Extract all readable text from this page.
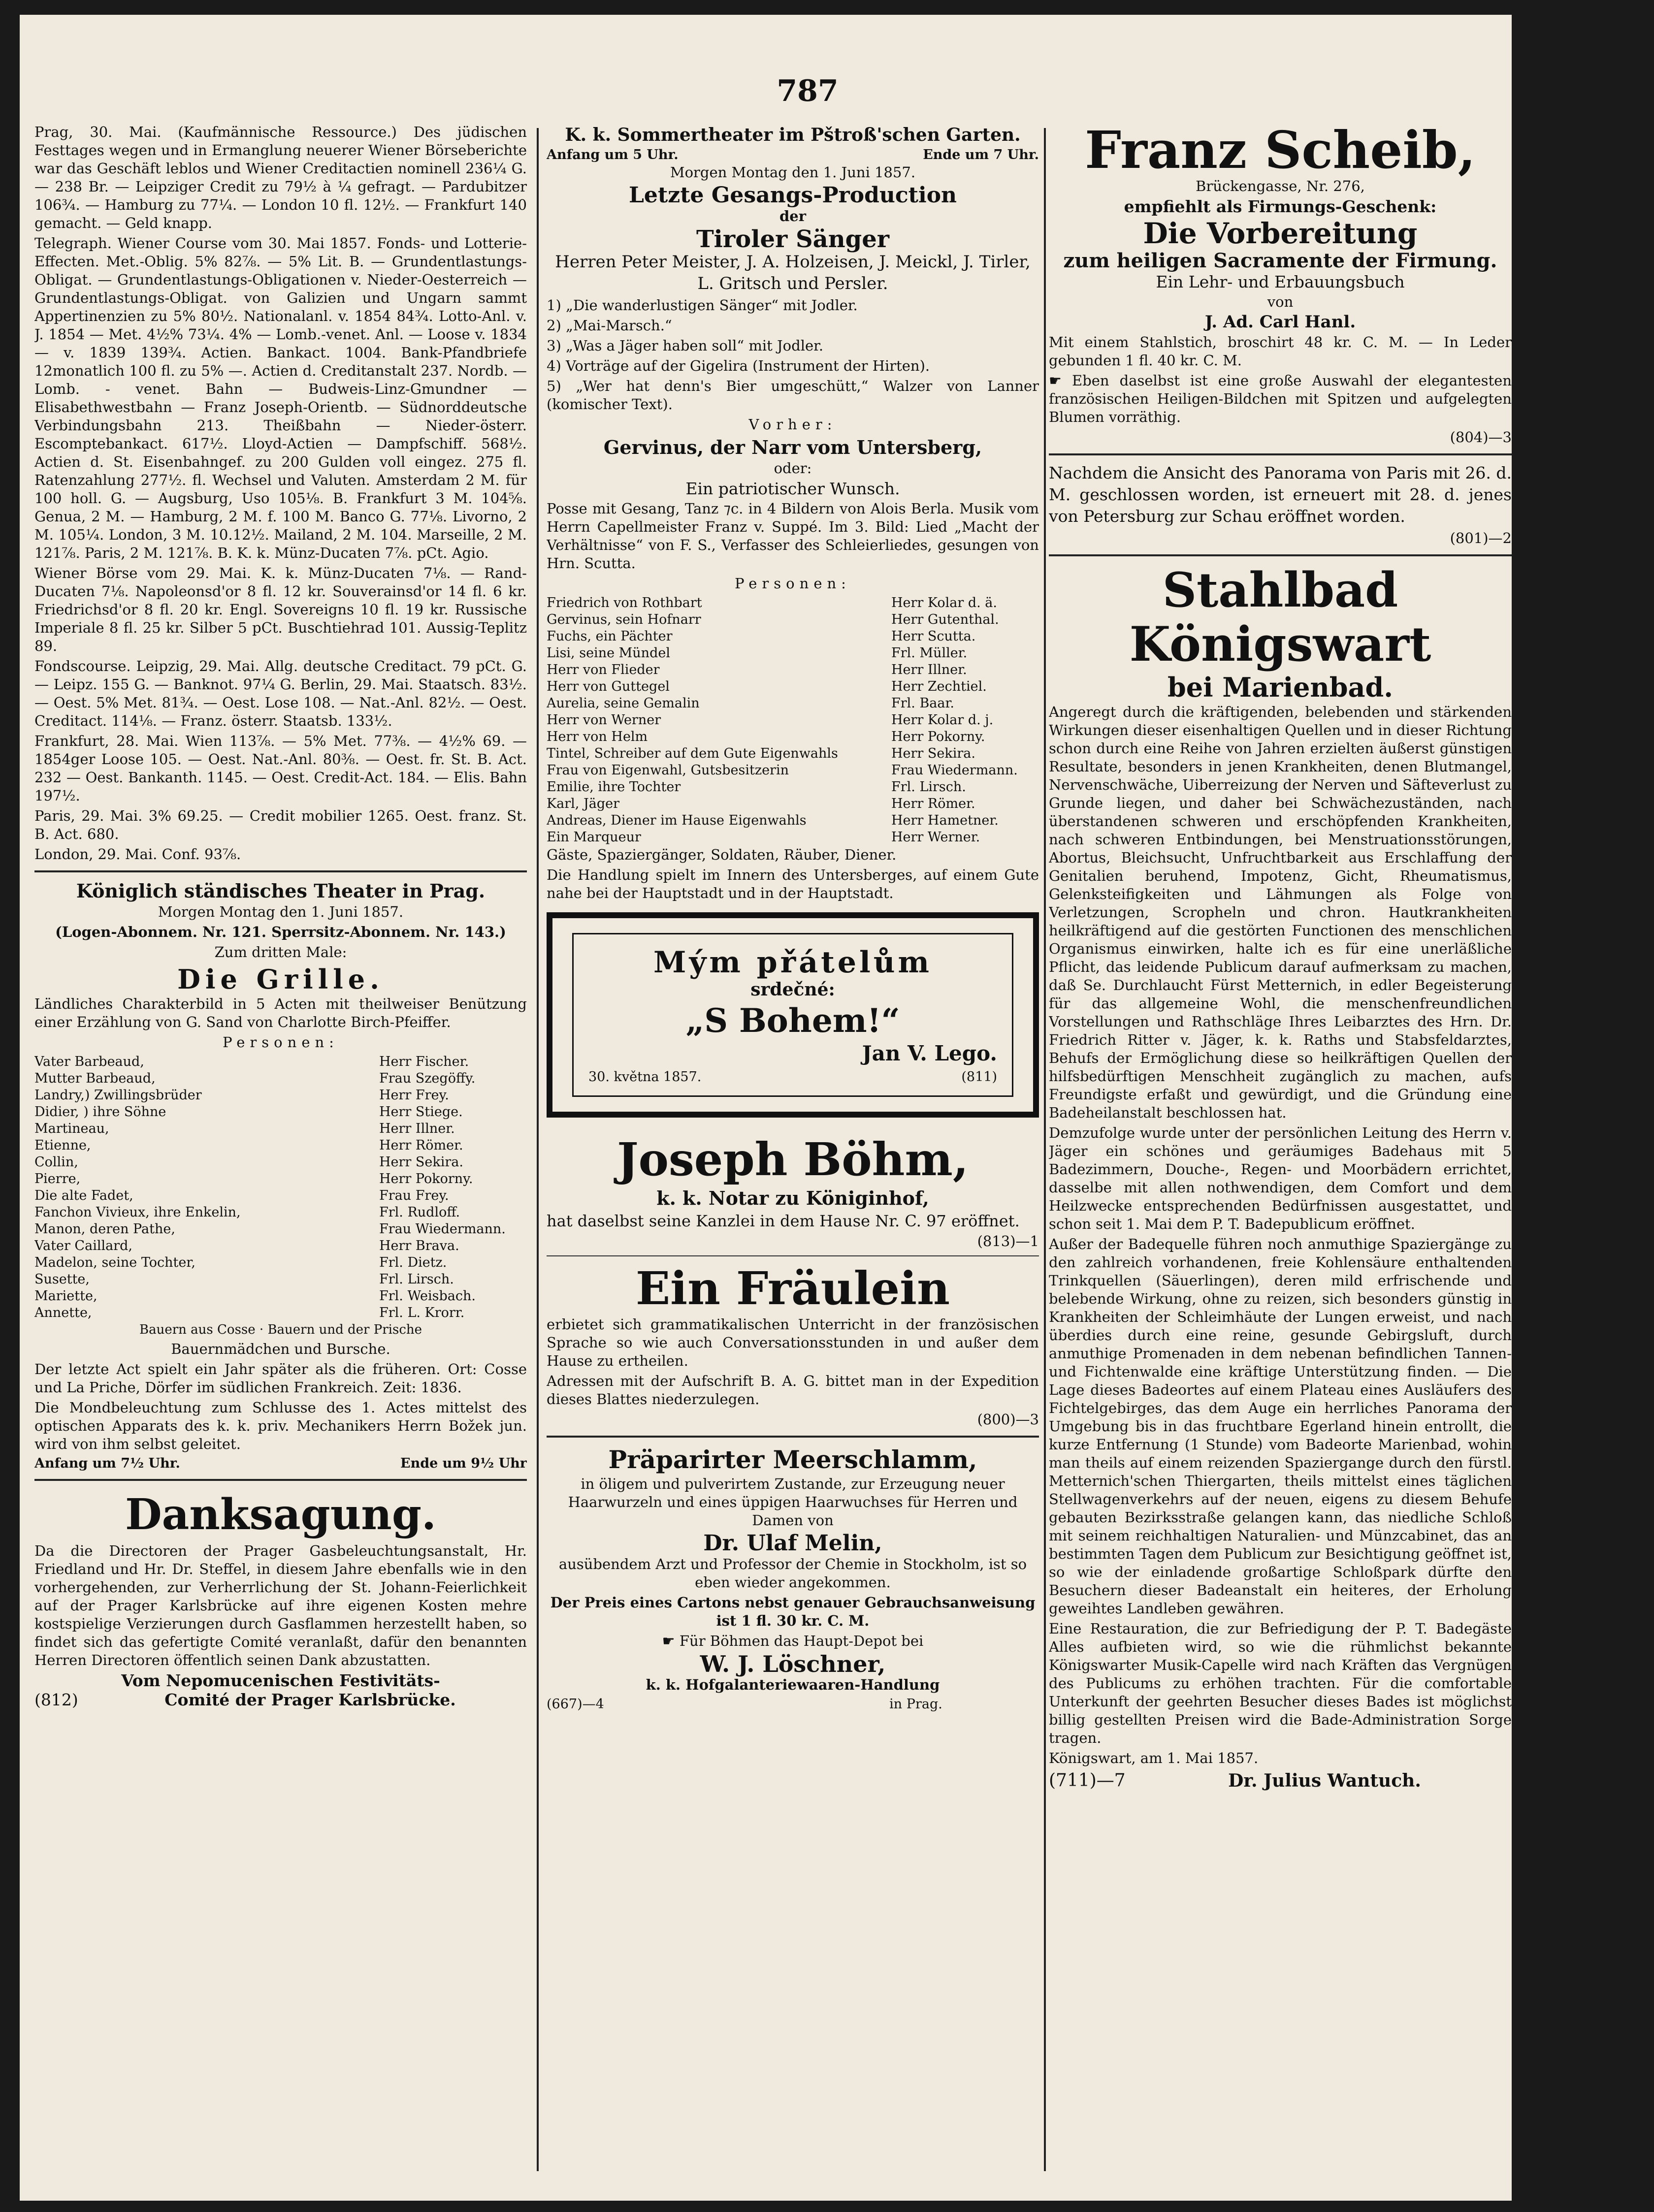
787

Prag, 30. Mai. (Kaufmännische Ressource.) Des jüdischen Festtages wegen und in Ermanglung neuerer Wiener Börseberichte war das Geschäft leblos und Wiener Creditactien nominell 236¼ G. — 238 Br. — Leipziger Credit zu 79½ à ¼ gefragt. — Pardubitzer 106¾. — Hamburg zu 77¼. — London 10 fl. 12½. — Frankfurt 140 gemacht. — Geld knapp.

Telegraph. Wiener Course vom 30. Mai 1857. Fonds- und Lotterie-Effecten. Met.-Oblig. 5% 82⅞. — 5% Lit. B. — Grundentlastungs-Obligat. — Grundentlastungs-Obligationen v. Nieder-Oesterreich — Grundentlastungs-Obligat. von Galizien und Ungarn sammt Appertinenzien zu 5% 80½. Nationalanl. v. 1854 84¾. Lotto-Anl. v. J. 1854 — Met. 4½% 73¼. 4% — Lomb.-venet. Anl. — Loose v. 1834 — v. 1839 139¾. Actien. Bankact. 1004. Bank-Pfandbriefe 12monatlich 100 fl. zu 5% —. Actien d. Creditanstalt 237. Nordb. — Lomb. - venet. Bahn — Budweis-Linz-Gmundner — Elisabethwestbahn — Franz Joseph-Orientb. — Südnorddeutsche Verbindungsbahn 213. Theißbahn — Nieder-österr. Escomptebankact. 617½. Lloyd-Actien — Dampfschiff. 568½. Actien d. St. Eisenbahngef. zu 200 Gulden voll eingez. 275 fl. Ratenzahlung 277½. fl. Wechsel und Valuten. Amsterdam 2 M. für 100 holl. G. — Augsburg, Uso 105⅛. B. Frankfurt 3 M. 104⅝. Genua, 2 M. — Hamburg, 2 M. f. 100 M. Banco G. 77⅛. Livorno, 2 M. 105¼. London, 3 M. 10.12½. Mailand, 2 M. 104. Marseille, 2 M. 121⅞. Paris, 2 M. 121⅞. B. K. k. Münz-Ducaten 7⅞. pCt. Agio.

Wiener Börse vom 29. Mai. K. k. Münz-Ducaten 7⅛. — Rand-Ducaten 7⅛. Napoleonsd'or 8 fl. 12 kr. Souverainsd'or 14 fl. 6 kr. Friedrichsd'or 8 fl. 20 kr. Engl. Sovereigns 10 fl. 19 kr. Russische Imperiale 8 fl. 25 kr. Silber 5 pCt. Buschtiehrad 101. Aussig-Teplitz 89.

Fondscourse. Leipzig, 29. Mai. Allg. deutsche Creditact. 79 pCt. G. — Leipz. 155 G. — Banknot. 97¼ G. Berlin, 29. Mai. Staatsch. 83½. — Oest. 5% Met. 81¾. — Oest. Lose 108. — Nat.-Anl. 82½. — Oest. Creditact. 114⅛. — Franz. österr. Staatsb. 133½.

Frankfurt, 28. Mai. Wien 113⅞. — 5% Met. 77⅜. — 4½% 69. — 1854ger Loose 105. — Oest. Nat.-Anl. 80⅜. — Oest. fr. St. B. Act. 232 — Oest. Bankanth. 1145. — Oest. Credit-Act. 184. — Elis. Bahn 197½.

Paris, 29. Mai. 3% 69.25. — Credit mobilier 1265. Oest. franz. St. B. Act. 680.

London, 29. Mai. Conf. 93⅞.

Königlich ständisches Theater in Prag.

Morgen Montag den 1. Juni 1857.

(Logen-Abonnem. Nr. 121. Sperrsitz-Abonnem. Nr. 143.)

Zum dritten Male:

Die Grille.

Ländliches Charakterbild in 5 Acten mit theilweiser Benützung einer Erzählung von G. Sand von Charlotte Birch-Pfeiffer.

Personen:

Vater Barbeaud,	Herr Fischer.
Mutter Barbeaud,	Frau Szegöffy.
Landry,) Zwillingsbrüder	Herr Frey.
Didier, ) ihre Söhne	Herr Stiege.
Martineau,	Herr Illner.
Etienne,	Herr Römer.
Collin,	Herr Sekira.
Pierre,	Herr Pokorny.
Die alte Fadet,	Frau Frey.
Fanchon Vivieux, ihre Enkelin,	Frl. Rudloff.
Manon, deren Pathe,	Frau Wiedermann.
Vater Caillard,	Herr Brava.
Madelon, seine Tochter,	Frl. Dietz.
Susette,	Frl. Lirsch.
Mariette,	Frl. Weisbach.
Annette,	Frl. L. Krorr.

Bauern aus Cosse · Bauern und der Prische

Bauernmädchen und Bursche.

Der letzte Act spielt ein Jahr später als die früheren. Ort: Cosse und La Priche, Dörfer im südlichen Frankreich. Zeit: 1836.

Die Mondbeleuchtung zum Schlusse des 1. Actes mittelst des optischen Apparats des k. k. priv. Mechanikers Herrn Božek jun. wird von ihm selbst geleitet.

Anfang um 7½ Uhr.	Ende um 9½ Uhr
Danksagung.

Da die Directoren der Prager Gasbeleuchtungsanstalt, Hr. Friedland und Hr. Dr. Steffel, in diesem Jahre ebenfalls wie in den vorhergehenden, zur Verherrlichung der St. Johann-Feierlichkeit auf der Prager Karlsbrücke auf ihre eigenen Kosten mehre kostspielige Verzierungen durch Gasflammen herzestellt haben, so findet sich das gefertigte Comité veranlaßt, dafür den benannten Herren Directoren öffentlich seinen Dank abzustatten.

Vom Nepomucenischen Festivitäts-

(812)	Comité der Prager Karlsbrücke.
K. k. Sommertheater im Pštroß'schen Garten.
Anfang um 5 Uhr.	Ende um 7 Uhr.

Morgen Montag den 1. Juni 1857.

Letzte Gesangs-Production

der

Tiroler Sänger

Herren Peter Meister, J. A. Holzeisen, J. Meickl, J. Tirler, L. Gritsch und Persler.

1) „Die wanderlustigen Sänger“ mit Jodler.

2) „Mai-Marsch.“

3) „Was a Jäger haben soll“ mit Jodler.

4) Vorträge auf der Gigelira (Instrument der Hirten).

5) „Wer hat denn's Bier umgeschütt,“ Walzer von Lanner (komischer Text).

Vorher:

Gervinus, der Narr vom Untersberg,

oder:

Ein patriotischer Wunsch.

Posse mit Gesang, Tanz ⁊c. in 4 Bildern von Alois Berla. Musik vom Herrn Capellmeister Franz v. Suppé. Im 3. Bild: Lied „Macht der Verhältnisse“ von F. S., Verfasser des Schleierliedes, gesungen von Hrn. Scutta.

Personen:

Friedrich von Rothbart	Herr Kolar d. ä.
Gervinus, sein Hofnarr	Herr Gutenthal.
Fuchs, ein Pächter	Herr Scutta.
Lisi, seine Mündel	Frl. Müller.
Herr von Flieder	Herr Illner.
Herr von Guttegel	Herr Zechtiel.
Aurelia, seine Gemalin	Frl. Baar.
Herr von Werner	Herr Kolar d. j.
Herr von Helm	Herr Pokorny.
Tintel, Schreiber auf dem Gute Eigenwahls	Herr Sekira.
Frau von Eigenwahl, Gutsbesitzerin	Frau Wiedermann.
Emilie, ihre Tochter	Frl. Lirsch.
Karl, Jäger	Herr Römer.
Andreas, Diener im Hause Eigenwahls	Herr Hametner.
Ein Marqueur	Herr Werner.

Gäste, Spaziergänger, Soldaten, Räuber, Diener.

Die Handlung spielt im Innern des Untersberges, auf einem Gute nahe bei der Hauptstadt und in der Hauptstadt.

Mým přátelům

srdečné:

„S Bohem!“

Jan V. Lego.

30. května 1857.	(811)
Joseph Böhm,

k. k. Notar zu Königinhof,

hat daselbst seine Kanzlei in dem Hause Nr. C. 97 eröffnet.

(813)—1

Ein Fräulein

erbietet sich grammatikalischen Unterricht in der französischen Sprache so wie auch Conversationsstunden in und außer dem Hause zu ertheilen.

Adressen mit der Aufschrift B. A. G. bittet man in der Expedition dieses Blattes niederzulegen.

(800)—3

Präparirter Meerschlamm,

in öligem und pulverirtem Zustande, zur Erzeugung neuer Haarwurzeln und eines üppigen Haarwuchses für Herren und Damen von

Dr. Ulaf Melin,

ausübendem Arzt und Professor der Chemie in Stockholm, ist so eben wieder angekommen.

Der Preis eines Cartons nebst genauer Gebrauchsanweisung ist 1 fl. 30 kr. C. M.

☛ Für Böhmen das Haupt-Depot bei

W. J. Löschner,

k. k. Hofgalanteriewaaren-Handlung

(667)—4	in Prag.
Franz Scheib,

Brückengasse, Nr. 276,

empfiehlt als Firmungs-Geschenk:

Die Vorbereitung
zum heiligen Sacramente der Firmung.

Ein Lehr- und Erbauungsbuch

von

J. Ad. Carl Hanl.

Mit einem Stahlstich, broschirt 48 kr. C. M. — In Leder gebunden 1 fl. 40 kr. C. M.

☛ Eben daselbst ist eine große Auswahl der elegantesten französischen Heiligen-Bildchen mit Spitzen und aufgelegten Blumen vorräthig.

(804)—3

Nachdem die Ansicht des Panorama von Paris mit 26. d. M. geschlossen worden, ist erneuert mit 28. d. jenes von Petersburg zur Schau eröffnet worden.

(801)—2

Stahlbad Königswart
bei Marienbad.

Angeregt durch die kräftigenden, belebenden und stärkenden Wirkungen dieser eisenhaltigen Quellen und in dieser Richtung schon durch eine Reihe von Jahren erzielten äußerst günstigen Resultate, besonders in jenen Krankheiten, denen Blutmangel, Nervenschwäche, Uiberreizung der Nerven und Säfteverlust zu Grunde liegen, und daher bei Schwächezuständen, nach überstandenen schweren und erschöpfenden Krankheiten, nach schweren Entbindungen, bei Menstruationsstörungen, Abortus, Bleichsucht, Unfruchtbarkeit aus Erschlaffung der Genitalien beruhend, Impotenz, Gicht, Rheumatismus, Gelenksteifigkeiten und Lähmungen als Folge von Verletzungen, Scropheln und chron. Hautkrankheiten heilkräftigend auf die gestörten Functionen des menschlichen Organismus einwirken, halte ich es für eine unerläßliche Pflicht, das leidende Publicum darauf aufmerksam zu machen, daß Se. Durchlaucht Fürst Metternich, in edler Begeisterung für das allgemeine Wohl, die menschenfreundlichen Vorstellungen und Rathschläge Ihres Leibarztes des Hrn. Dr. Friedrich Ritter v. Jäger, k. k. Raths und Stabsfeldarztes, Behufs der Ermöglichung diese so heilkräftigen Quellen der hilfsbedürftigen Menschheit zugänglich zu machen, aufs Freundigste erfaßt und gewürdigt, und die Gründung eine Badeheilanstalt beschlossen hat.

Demzufolge wurde unter der persönlichen Leitung des Herrn v. Jäger ein schönes und geräumiges Badehaus mit 5 Badezimmern, Douche-, Regen- und Moorbädern errichtet, dasselbe mit allen nothwendigen, dem Comfort und dem Heilzwecke entsprechenden Bedürfnissen ausgestattet, und schon seit 1. Mai dem P. T. Badepublicum eröffnet.

Außer der Badequelle führen noch anmuthige Spaziergänge zu den zahlreich vorhandenen, freie Kohlensäure enthaltenden Trinkquellen (Säuerlingen), deren mild erfrischende und belebende Wirkung, ohne zu reizen, sich besonders günstig in Krankheiten der Schleimhäute der Lungen erweist, und nach überdies durch eine reine, gesunde Gebirgsluft, durch anmuthige Promenaden in dem nebenan befindlichen Tannen- und Fichtenwalde eine kräftige Unterstützung finden. — Die Lage dieses Badeortes auf einem Plateau eines Ausläufers des Fichtelgebirges, das dem Auge ein herrliches Panorama der Umgebung bis in das fruchtbare Egerland hinein entrollt, die kurze Entfernung (1 Stunde) vom Badeorte Marienbad, wohin man theils auf einem reizenden Spaziergange durch den fürstl. Metternich'schen Thiergarten, theils mittelst eines täglichen Stellwagenverkehrs auf der neuen, eigens zu diesem Behufe gebauten Bezirksstraße gelangen kann, das niedliche Schloß mit seinem reichhaltigen Naturalien- und Münzcabinet, das an bestimmten Tagen dem Publicum zur Besichtigung geöffnet ist, so wie der einladende großartige Schloßpark dürfte den Besuchern dieser Badeanstalt ein heiteres, der Erholung geweihtes Landleben gewähren.

Eine Restauration, die zur Befriedigung der P. T. Badegäste Alles aufbieten wird, so wie die rühmlichst bekannte Königswarter Musik-Capelle wird nach Kräften das Vergnügen des Publicums zu erhöhen trachten. Für die comfortable Unterkunft der geehrten Besucher dieses Bades ist möglichst billig gestellten Preisen wird die Bade-Administration Sorge tragen.

Königswart, am 1. Mai 1857.

(711)—7	Dr. Julius Wantuch.
